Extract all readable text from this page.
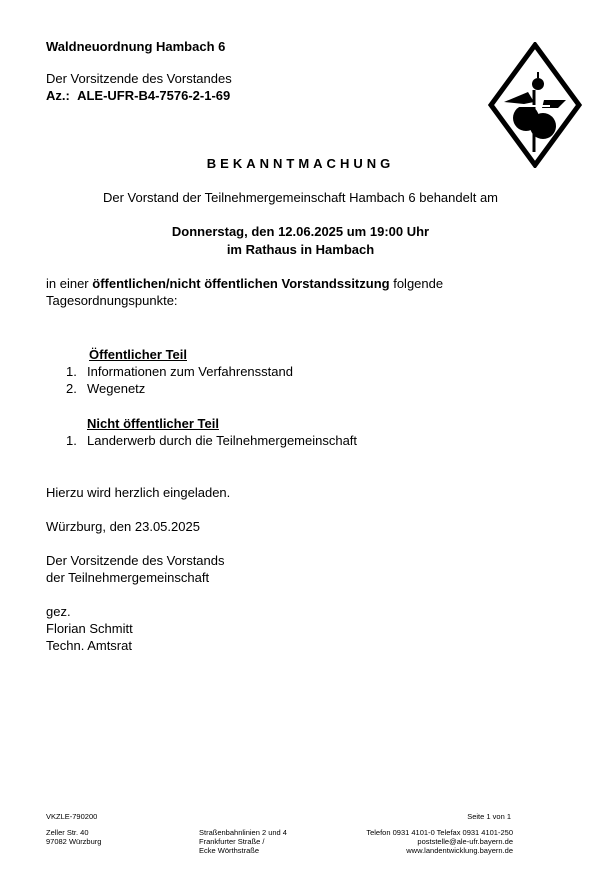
Waldneuordnung Hambach 6
Der Vorsitzende des Vorstandes
Az.: ALE-UFR-B4-7576-2-1-69
BEKANNTMACHUNG
Der Vorstand der Teilnehmergemeinschaft Hambach 6 behandelt am
Donnerstag, den 12.06.2025 um 19:00 Uhr
im Rathaus in Hambach
in einer öffentlichen/nicht öffentlichen Vorstandssitzung folgende
Tagesordnungspunkte:
Öffentlicher Teil
1. Informationen zum Verfahrensstand
2. Wegenetz
Nicht öffentlicher Teil
1. Landerwerb durch die Teilnehmergemeinschaft
Hierzu wird herzlich eingeladen.
Würzburg, den 23.05.2025
Der Vorsitzende des Vorstands
der Teilnehmergemeinschaft
gez.
Florian Schmitt
Techn. Amtsrat
VKZLE-790200	Seite 1 von 1
Zeller Str. 40
97082 Würzburg
Straßenbahnlinien 2 und 4
Frankfurter Straße /
Ecke Wörthstraße
Telefon 0931 4101-0 Telefax 0931 4101-250
poststelle@ale-ufr.bayern.de
www.landentwicklung.bayern.de
